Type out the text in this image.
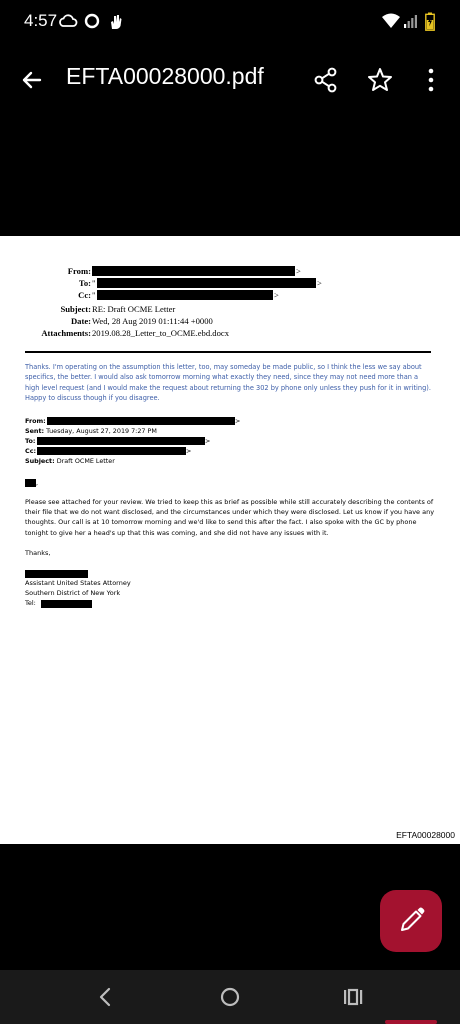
4:57
EFTA00028000.pdf
From:	>
To: "	>
Cc: "	>
Subject: RE: Draft OCME Letter
Date: Wed, 28 Aug 2019 01:11:44 +0000
Attachments: 2019.08.28_Letter_to_OCME.ebd.docx

Thanks. I'm operating on the assumption this letter, too, may someday be made public, so I think the less we say about specifics, the better. I would also ask tomorrow morning what exactly they need, since they may not need more than a high level request (and I would make the request about returning the 302 by phone only unless they push for it in writing). Happy to discuss though if you disagree.

From:	>
Sent: Tuesday, August 27, 2019 7:27 PM
To:	>
Cc:	>
Subject: Draft OCME Letter
,

Please see attached for your review. We tried to keep this as brief as possible while still accurately describing the contents of their file that we do not want disclosed, and the circumstances under which they were disclosed. Let us know if you have any thoughts. Our call is at 10 tomorrow morning and we'd like to send this after the fact. I also spoke with the GC by phone tonight to give her a head's up that this was coming, and she did not have any issues with it.

Thanks,
Assistant United States Attorney
Southern District of New York
Tel:
EFTA00028000
